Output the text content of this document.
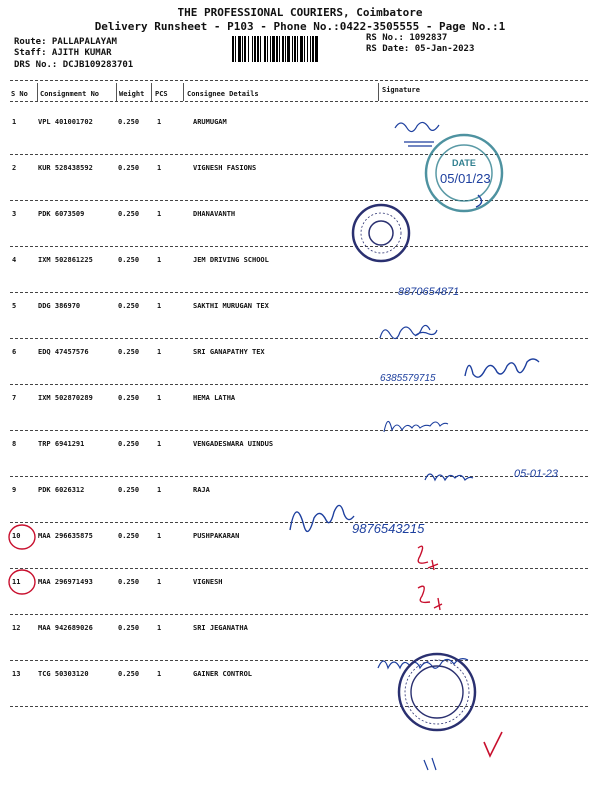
THE PROFESSIONAL COURIERS, Coimbatore
Delivery Runsheet - P103 - Phone No.:0422-3505555 - Page No.:1
Route: PALLAPALAYAM
Staff: AJITH KUMAR
DRS No.: DCJB109283701
RS No.: 1092837
RS Date: 05-Jan-2023
S No Consignment No	Weight PCS	Consignee Details	Signature
1	VPL 401001702	0.250	1	ARUMUGAM
2	KUR 528438592	0.250	1	VIGNESH FASIONS
3	PDK 6073509	0.250	1	DHANAVANTH
4	IXM 502861225	0.250	1	JEM DRIVING SCHOOL
5	DDG 386970	0.250	1	SAKTHI MURUGAN TEX
6	EDQ 47457576	0.250	1	SRI GANAPATHY TEX
7	IXM 502870289	0.250	1	HEMA LATHA
8	TRP 6941291	0.250	1	VENGADESWARA UINDUS
9	PDK 6026312	0.250	1	RAJA
10	MAA 296635875	0.250	1	PUSHPAKARAN
11	MAA 296971493	0.250	1	VIGNESH
12	MAA 942689026	0.250	1	SRI JEGANATHA
13	TCG 50303120	0.250	1	GAINER CONTROL
DATE
05/01/23
8870654871
6385579715
05-01-23
9876543215
